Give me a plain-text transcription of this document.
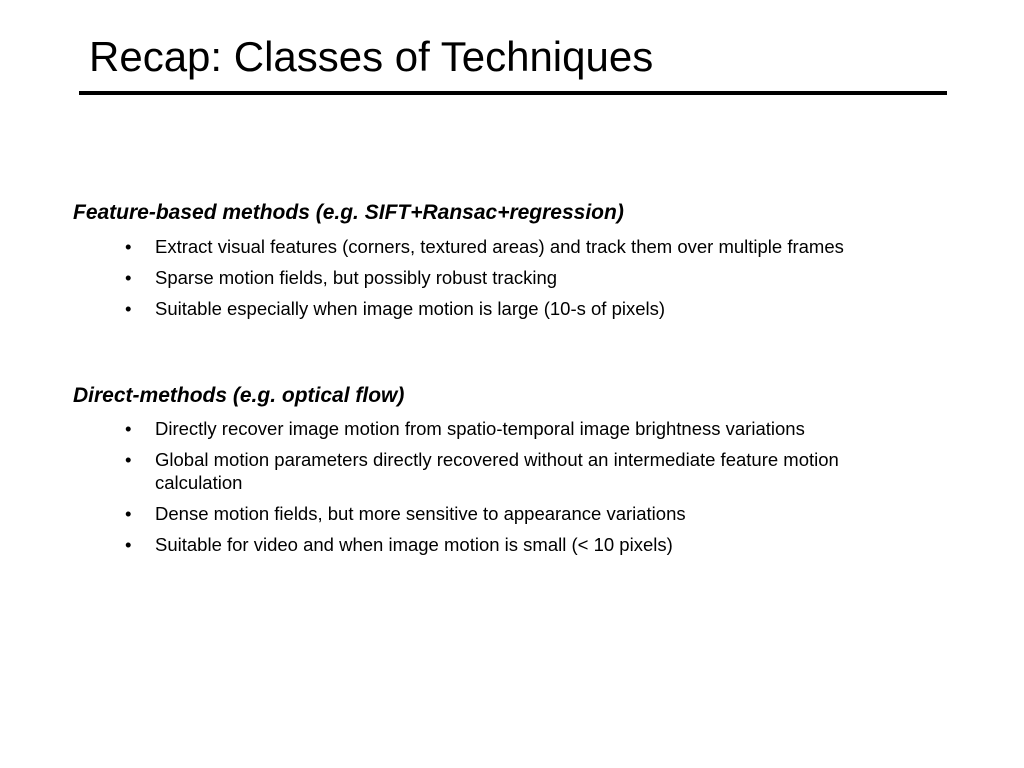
Recap: Classes of Techniques
Feature-based methods (e.g. SIFT+Ransac+regression)
• Extract visual features (corners, textured areas) and track them over multiple frames
• Sparse motion fields, but possibly robust tracking
• Suitable especially when image motion is large (10-s of pixels)
Direct-methods (e.g. optical flow)
• Directly recover image motion from spatio-temporal image brightness variations
• Global motion parameters directly recovered without an intermediate feature motion calculation
• Dense motion fields, but more sensitive to appearance variations
• Suitable for video and when image motion is small (< 10 pixels)
